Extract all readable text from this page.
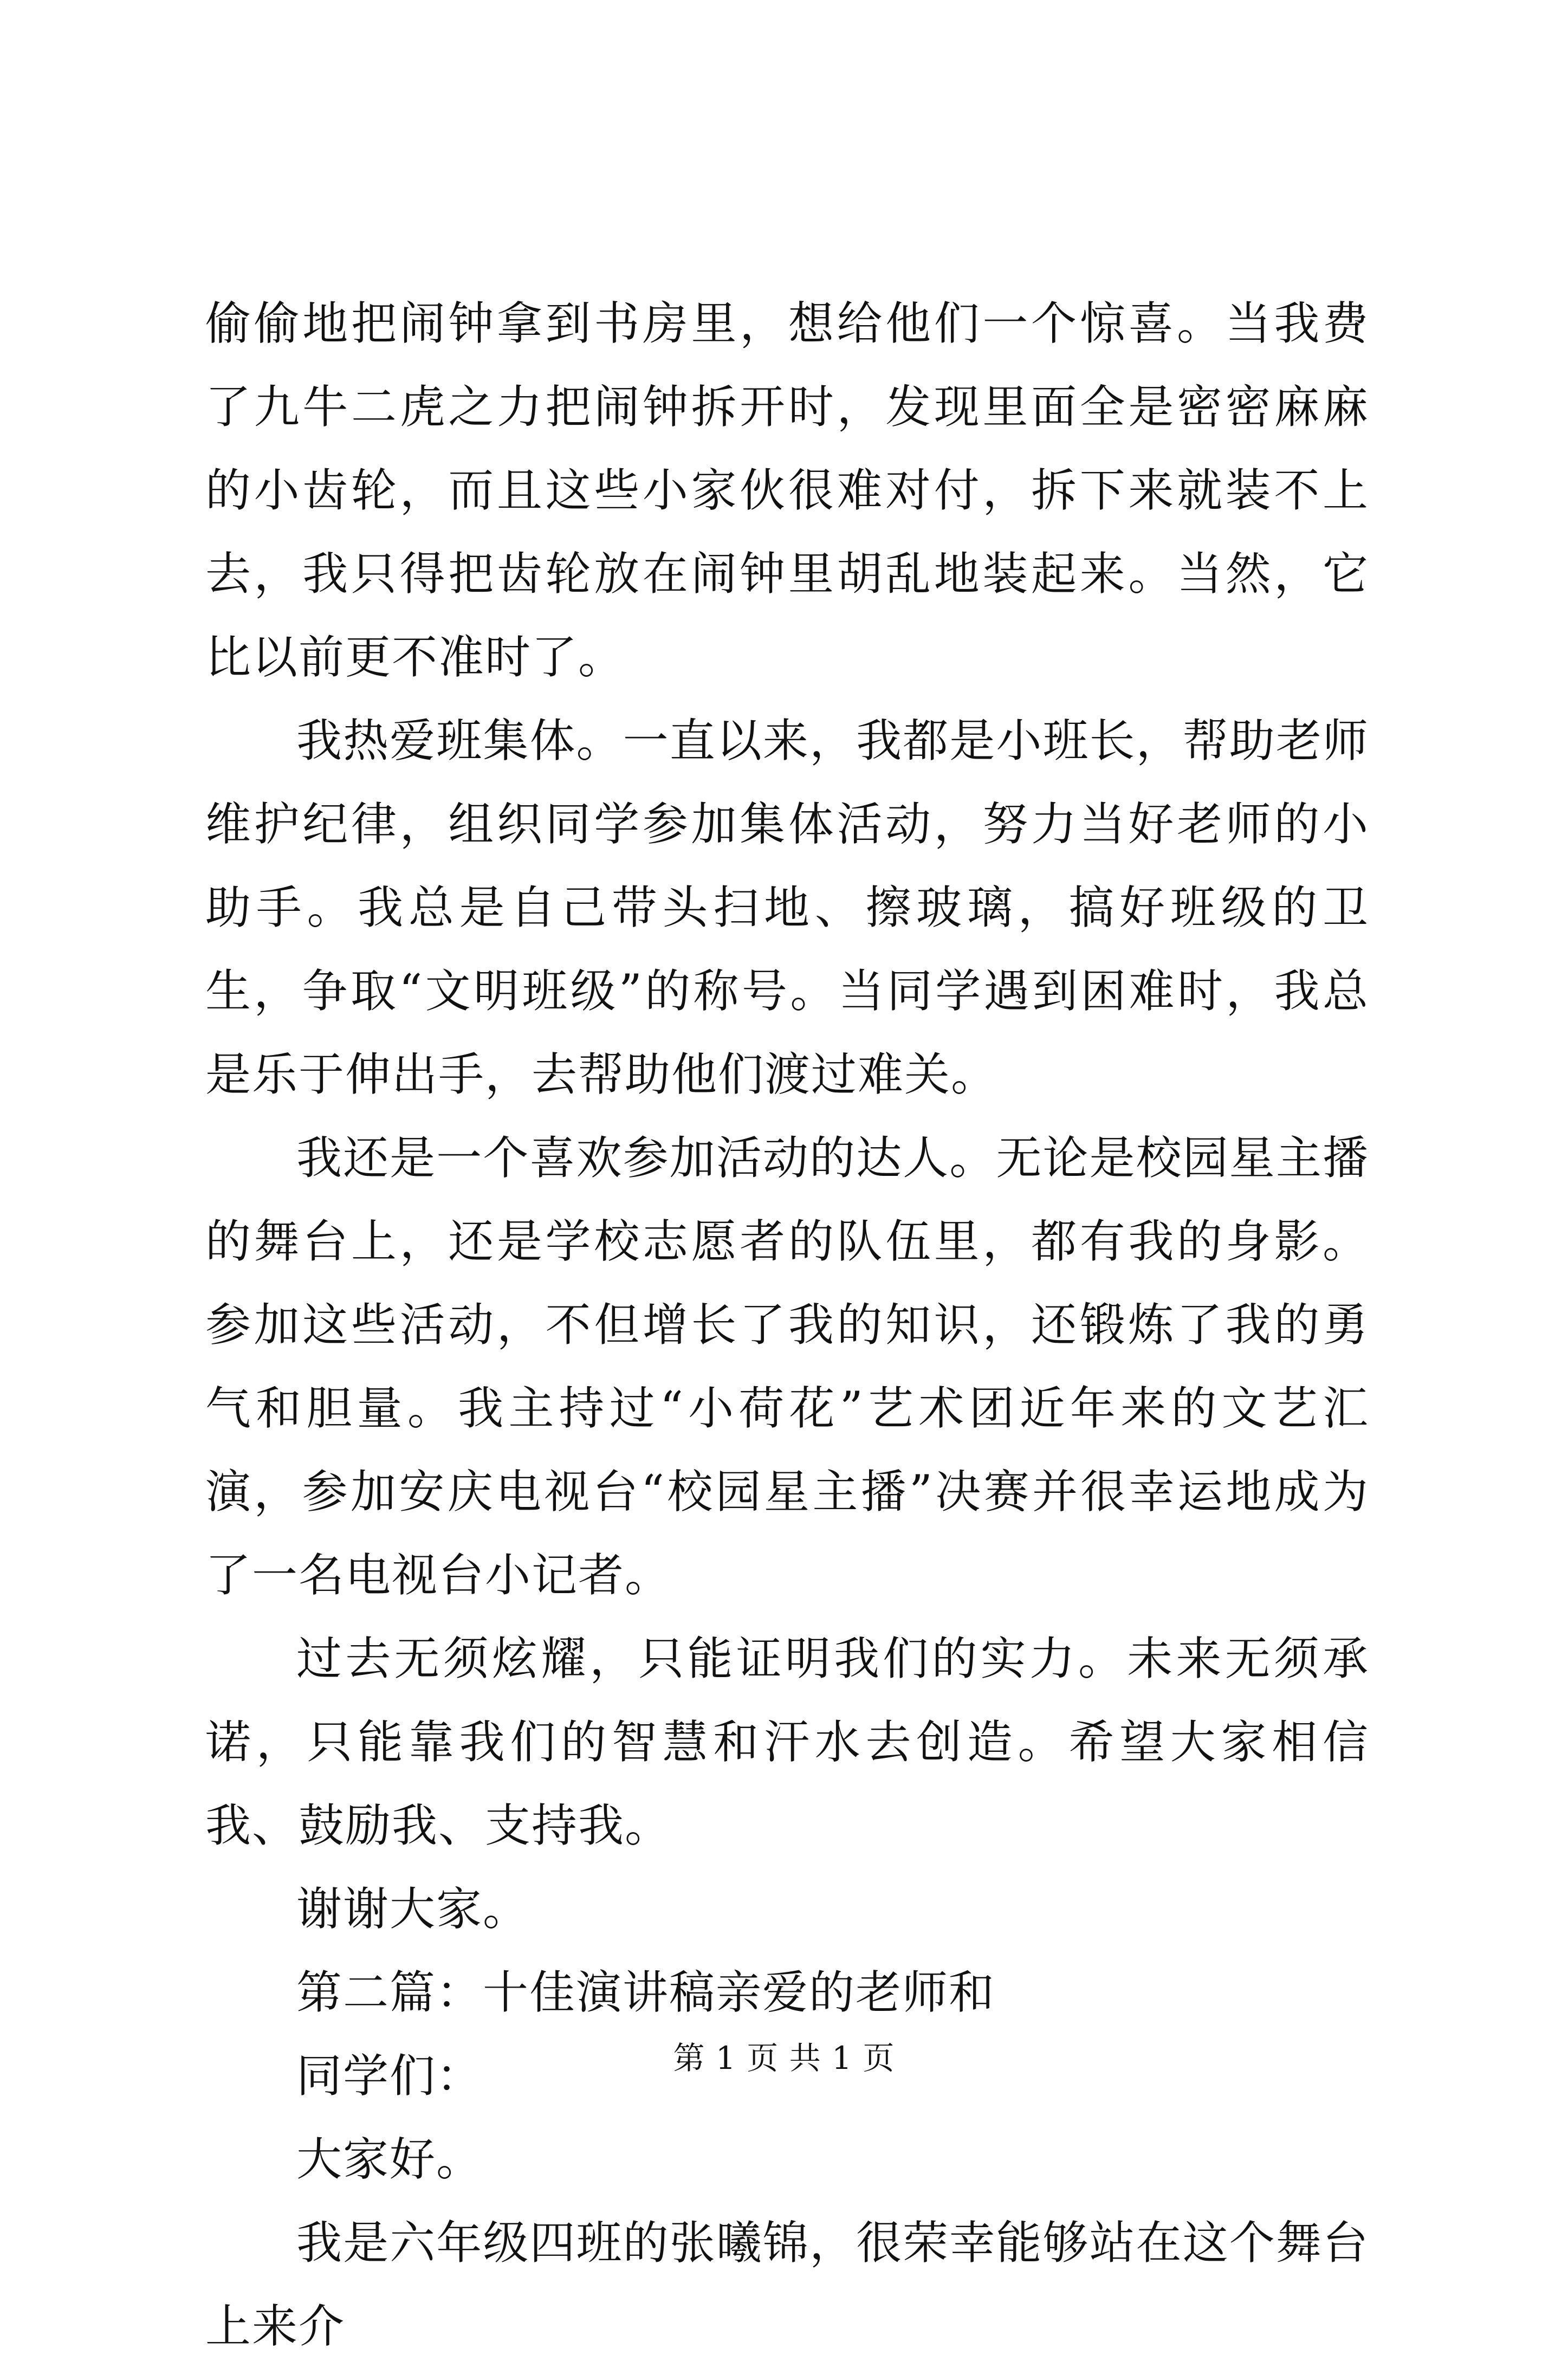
偷偷地把闹钟拿到书房里，想给他们一个惊喜。当我费了九牛二虎之力把闹钟拆开时，发现里面全是密密麻麻的小齿轮，而且这些小家伙很难对付，拆下来就装不上去，我只得把齿轮放在闹钟里胡乱地装起来。当然，它比以前更不准时了。

我热爱班集体。一直以来，我都是小班长，帮助老师维护纪律，组织同学参加集体活动，努力当好老师的小助手。我总是自己带头扫地、擦玻璃，搞好班级的卫生，争取“文明班级”的称号。当同学遇到困难时，我总是乐于伸出手，去帮助他们渡过难关。

我还是一个喜欢参加活动的达人。无论是校园星主播的舞台上，还是学校志愿者的队伍里，都有我的身影。参加这些活动，不但增长了我的知识，还锻炼了我的勇气和胆量。我主持过“小荷花”艺术团近年来的文艺汇演，参加安庆电视台“校园星主播”决赛并很幸运地成为了一名电视台小记者。

过去无须炫耀，只能证明我们的实力。未来无须承诺，只能靠我们的智慧和汗水去创造。希望大家相信我、鼓励我、支持我。

谢谢大家。

第二篇：十佳演讲稿亲爱的老师和

同学们：

大家好。

我是六年级四班的张曦锦，很荣幸能够站在这个舞台上来介

第 1 页 共 1 页
